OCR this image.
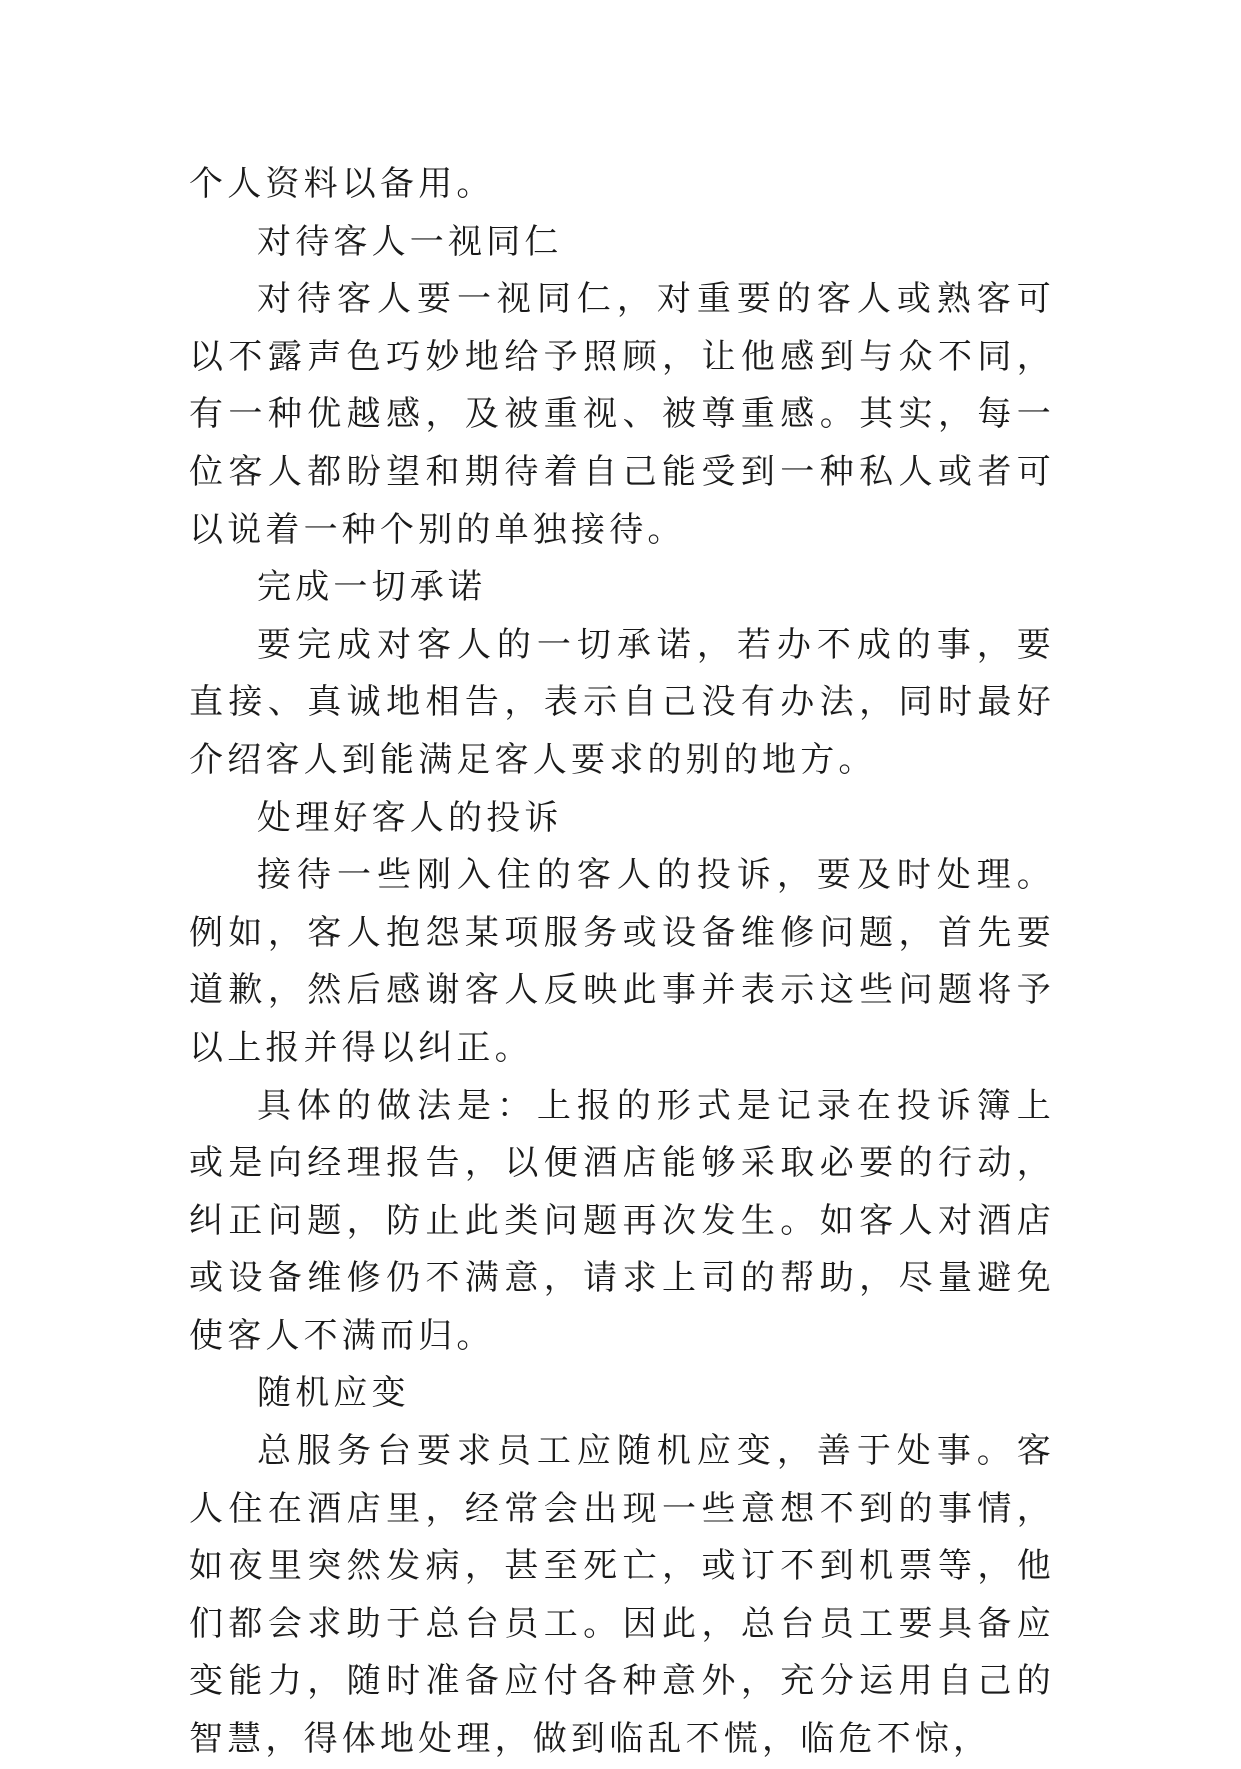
个人资料以备用。

对待客人一视同仁

对待客人要一视同仁，对重要的客人或熟客可以不露声色巧妙地给予照顾，让他感到与众不同，有一种优越感，及被重视、被尊重感。其实，每一位客人都盼望和期待着自己能受到一种私人或者可以说着一种个别的单独接待。

完成一切承诺

要完成对客人的一切承诺，若办不成的事，要直接、真诚地相告，表示自己没有办法，同时最好介绍客人到能满足客人要求的别的地方。

处理好客人的投诉

接待一些刚入住的客人的投诉，要及时处理。例如，客人抱怨某项服务或设备维修问题，首先要道歉，然后感谢客人反映此事并表示这些问题将予以上报并得以纠正。

具体的做法是：上报的形式是记录在投诉簿上或是向经理报告，以便酒店能够采取必要的行动，纠正问题，防止此类问题再次发生。如客人对酒店或设备维修仍不满意，请求上司的帮助，尽量避免使客人不满而归。

随机应变

总服务台要求员工应随机应变，善于处事。客人住在酒店里，经常会出现一些意想不到的事情，如夜里突然发病，甚至死亡，或订不到机票等，他们都会求助于总台员工。因此，总台员工要具备应变能力，随时准备应付各种意外，充分运用自己的智慧，得体地处理，做到临乱不慌，临危不惊，
